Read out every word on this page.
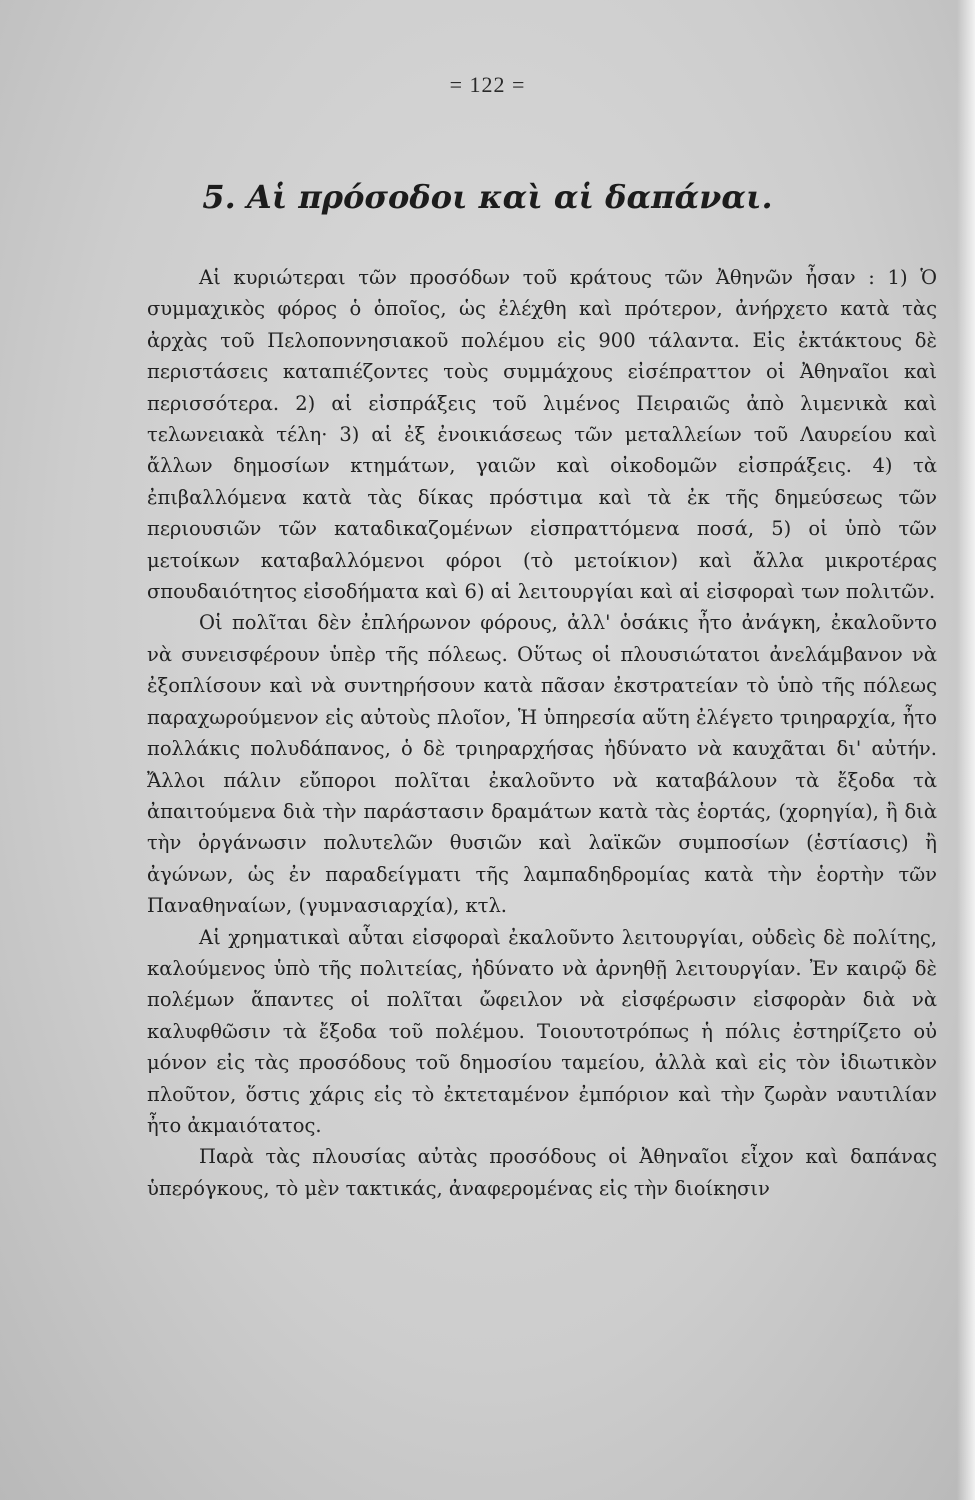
= 122 =
5. Αἱ πρόσοδοι καὶ αἱ δαπάναι.

Αἱ κυριώτεραι τῶν προσόδων τοῦ κράτους τῶν Ἀθηνῶν ἦσαν : 1) Ὁ συμμαχικὸς φόρος ὁ ὁποῖος, ὡς ἐλέχθη καὶ πρότερον, ἀνήρχετο κατὰ τὰς ἀρχὰς τοῦ Πελοποννησιακοῦ πολέμου εἰς 900 τάλαντα. Εἰς ἐκτάκτους δὲ περιστάσεις καταπιέζοντες τοὺς συμμάχους εἰσέπραττον οἱ Ἀθηναῖοι καὶ περισσότερα. 2) αἱ εἰσπράξεις τοῦ λιμένος Πειραιῶς ἀπὸ λιμενικὰ καὶ τελωνειακὰ τέλη· 3) αἱ ἐξ ἐνοικιάσεως τῶν μεταλλείων τοῦ Λαυρείου καὶ ἄλλων δημοσίων κτημάτων, γαιῶν καὶ οἰκοδομῶν εἰσπράξεις. 4) τὰ ἐπιβαλλόμενα κατὰ τὰς δίκας πρόστιμα καὶ τὰ ἐκ τῆς δημεύσεως τῶν περιουσιῶν τῶν καταδικαζομένων εἰσπραττόμενα ποσά, 5) οἱ ὑπὸ τῶν μετοίκων καταβαλλόμενοι φόροι (τὸ μετοίκιον) καὶ ἄλλα μικροτέρας σπουδαιότητος εἰσοδήματα καὶ 6) αἱ λειτουργίαι καὶ αἱ εἰσφοραὶ των πολιτῶν.

Οἱ πολῖται δὲν ἐπλήρωνον φόρους, ἀλλ' ὁσάκις ἦτο ἀνάγκη, ἐκαλοῦντο νὰ συνεισφέρουν ὑπὲρ τῆς πόλεως. Οὕτως οἱ πλουσιώτατοι ἀνελάμβανον νὰ ἐξοπλίσουν καὶ νὰ συντηρήσουν κατὰ πᾶσαν ἐκστρατείαν τὸ ὑπὸ τῆς πόλεως παραχωρούμενον εἰς αὐτοὺς πλοῖον, Ἡ ὑπηρεσία αὕτη ἐλέγετο τριηραρχία, ἦτο πολλάκις πολυδάπανος, ὁ δὲ τριηραρχήσας ἠδύνατο νὰ καυχᾶται δι' αὐτήν. Ἄλλοι πάλιν εὔποροι πολῖται ἐκαλοῦντο νὰ καταβάλουν τὰ ἔξοδα τὰ ἀπαιτούμενα διὰ τὴν παράστασιν δραμάτων κατὰ τὰς ἑορτάς, (χορηγία), ἢ διὰ τὴν ὀργάνωσιν πολυτελῶν θυσιῶν καὶ λαϊκῶν συμποσίων (ἑστίασις) ἢ ἀγώνων, ὡς ἐν παραδείγματι τῆς λαμπαδηδρομίας κατὰ τὴν ἑορτὴν τῶν Παναθηναίων, (γυμνασιαρχία), κτλ.

Αἱ χρηματικαὶ αὗται εἰσφοραὶ ἐκαλοῦντο λειτουργίαι, οὐδεὶς δὲ πολίτης, καλούμενος ὑπὸ τῆς πολιτείας, ἠδύνατο νὰ ἀρνηθῇ λειτουργίαν. Ἐν καιρῷ δὲ πολέμων ἅπαντες οἱ πολῖται ὤφειλον νὰ εἰσφέρωσιν εἰσφορὰν διὰ νὰ καλυφθῶσιν τὰ ἔξοδα τοῦ πολέμου. Τοιουτοτρόπως ἡ πόλις ἐστηρίζετο οὐ μόνον εἰς τὰς προσόδους τοῦ δημοσίου ταμείου, ἀλλὰ καὶ εἰς τὸν ἰδιωτικὸν πλοῦτον, ὅστις χάρις εἰς τὸ ἐκτεταμένον ἐμπόριον καὶ τὴν ζωρὰν ναυτιλίαν ἦτο ἀκμαιότατος.

Παρὰ τὰς πλουσίας αὐτὰς προσόδους οἱ Ἀθηναῖοι εἶχον καὶ δαπάνας ὑπερόγκους, τὸ μὲν τακτικάς, ἀναφερομένας εἰς τὴν διοίκησιν
